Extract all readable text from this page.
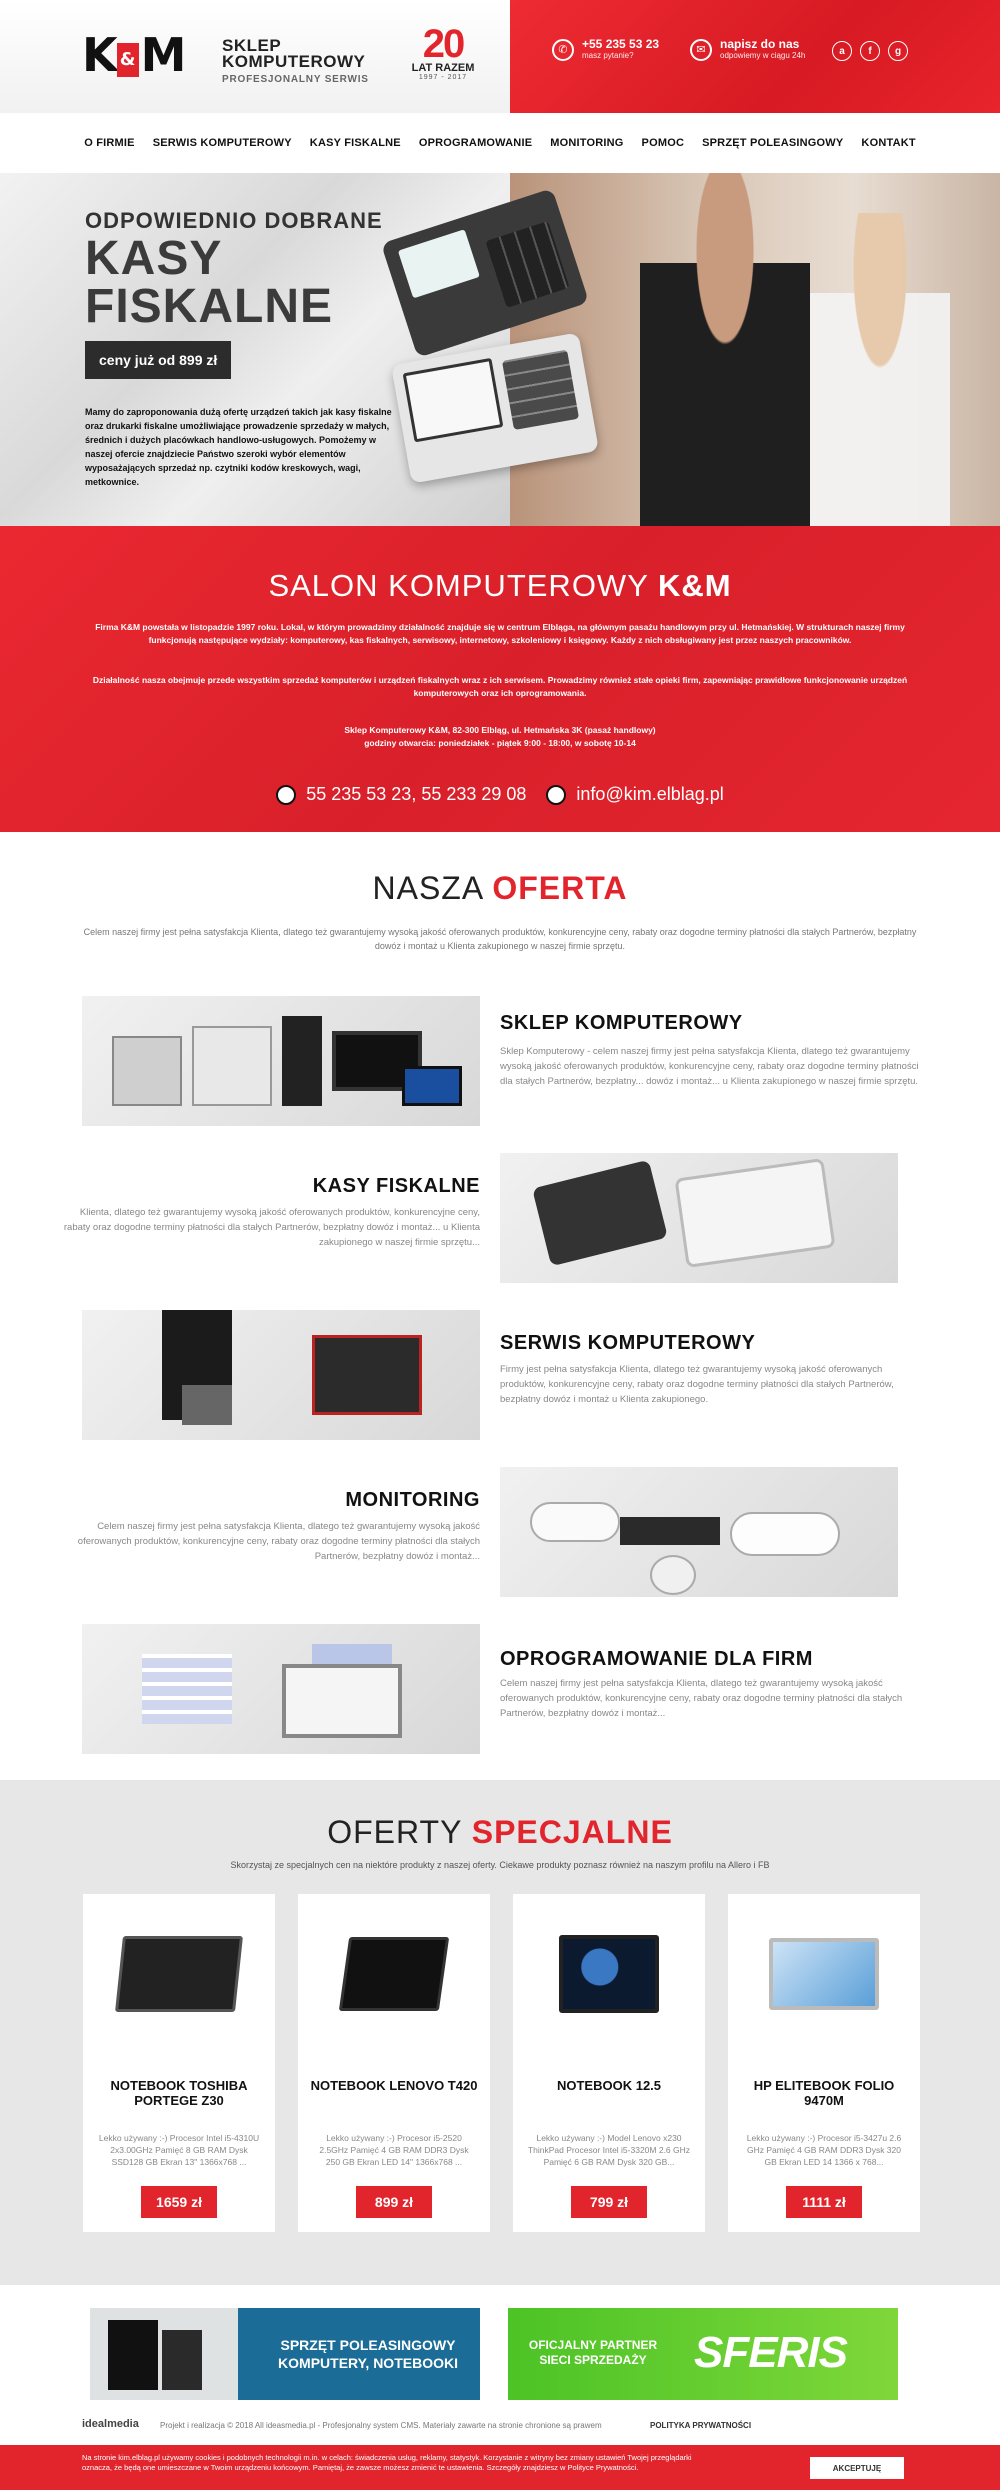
K & M SKLEP
KOMPUTEROWY
PROFESJONALNY SERWIS
20
LAT RAZEM
1997 - 2017
✆	+55 235 53 23
masz pytanie?	✉	napisz do nas
odpowiemy w ciągu 24h	a	f	g
O FIRMIE	SERWIS KOMPUTEROWY	KASY FISKALNE	OPROGRAMOWANIE	MONITORING	POMOC	SPRZĘT POLEASINGOWY	KONTAKT
ODPOWIEDNIO DOBRANE
KASY
FISKALNE
ceny już od 899 zł
Mamy do zaproponowania dużą ofertę urządzeń takich jak kasy fiskalne oraz drukarki fiskalne umożliwiające prowadzenie sprzedaży w małych, średnich i dużych placówkach handlowo-usługowych. Pomożemy w naszej ofercie znajdziecie Państwo szeroki wybór elementów wyposażających sprzedaż np. czytniki kodów kreskowych, wagi, metkownice.
SALON KOMPUTEROWY K&M
Firma K&M powstała w listopadzie 1997 roku. Lokal, w którym prowadzimy działalność znajduje się w centrum Elbląga, na głównym pasażu handlowym przy ul. Hetmańskiej. W strukturach naszej firmy funkcjonują następujące wydziały: komputerowy, kas fiskalnych, serwisowy, internetowy, szkoleniowy i księgowy. Każdy z nich obsługiwany jest przez naszych pracowników.
Działalność nasza obejmuje przede wszystkim sprzedaż komputerów i urządzeń fiskalnych wraz z ich serwisem. Prowadzimy również stałe opieki firm, zapewniając prawidłowe funkcjonowanie urządzeń komputerowych oraz ich oprogramowania.
Sklep Komputerowy K&M, 82-300 Elbląg, ul. Hetmańska 3K (pasaż handlowy)
godziny otwarcia: poniedziałek - piątek 9:00 - 18:00, w sobotę 10-14
55 235 53 23, 55 233 29 08	info@kim.elblag.pl
NASZA OFERTA
Celem naszej firmy jest pełna satysfakcja Klienta, dlatego też gwarantujemy wysoką jakość oferowanych produktów, konkurencyjne ceny, rabaty oraz dogodne terminy płatności dla stałych Partnerów, bezpłatny dowóz i montaż u Klienta zakupionego w naszej firmie sprzętu.
SKLEP KOMPUTEROWY
Sklep Komputerowy - celem naszej firmy jest pełna satysfakcja Klienta, dlatego też gwarantujemy wysoką jakość oferowanych produktów, konkurencyjne ceny, rabaty oraz dogodne terminy płatności dla stałych Partnerów, bezpłatny... dowóz i montaż... u Klienta zakupionego w naszej firmie sprzętu.
KASY FISKALNE
Klienta, dlatego też gwarantujemy wysoką jakość oferowanych produktów, konkurencyjne ceny, rabaty oraz dogodne terminy płatności dla stałych Partnerów, bezpłatny dowóz i montaż... u Klienta zakupionego w naszej firmie sprzętu...
SERWIS KOMPUTEROWY
Firmy jest pełna satysfakcja Klienta, dlatego też gwarantujemy wysoką jakość oferowanych produktów, konkurencyjne ceny, rabaty oraz dogodne terminy płatności dla stałych Partnerów, bezpłatny dowóz i montaż u Klienta zakupionego.
MONITORING
Celem naszej firmy jest pełna satysfakcja Klienta, dlatego też gwarantujemy wysoką jakość oferowanych produktów, konkurencyjne ceny, rabaty oraz dogodne terminy płatności dla stałych Partnerów, bezpłatny dowóz i montaż...
OPROGRAMOWANIE DLA FIRM
Celem naszej firmy jest pełna satysfakcja Klienta, dlatego też gwarantujemy wysoką jakość oferowanych produktów, konkurencyjne ceny, rabaty oraz dogodne terminy płatności dla stałych Partnerów, bezpłatny dowóz i montaż...
OFERTY SPECJALNE
Skorzystaj ze specjalnych cen na niektóre produkty z naszej oferty. Ciekawe produkty poznasz również na naszym profilu na Allero i FB
NOTEBOOK TOSHIBA PORTEGE Z30
Lekko używany :-) Procesor Intel i5-4310U 2x3.00GHz Pamięć 8 GB RAM Dysk SSD128 GB Ekran 13" 1366x768 ...
1659 zł
NOTEBOOK LENOVO T420
Lekko używany :-) Procesor i5-2520 2.5GHz Pamięć 4 GB RAM DDR3 Dysk 250 GB Ekran LED 14" 1366x768 ...
899 zł
NOTEBOOK 12.5
Lekko używany :-) Model Lenovo x230 ThinkPad Procesor Intel i5-3320M 2.6 GHz Pamięć 6 GB RAM Dysk 320 GB...
799 zł
HP ELITEBOOK FOLIO 9470M
Lekko używany :-) Procesor i5-3427u 2.6 GHz Pamięć 4 GB RAM DDR3 Dysk 320 GB Ekran LED 14 1366 x 768...
1111 zł
SPRZĘT POLEASINGOWY KOMPUTERY, NOTEBOOKI
OFICJALNY PARTNER SIECI SPRZEDAŻY SFERIS
idealmedia	Projekt i realizacja © 2018 All ideasmedia.pl - Profesjonalny system CMS. Materiały zawarte na stronie chronione są prawem	POLITYKA PRYWATNOŚCI
Na stronie kim.elblag.pl używamy cookies i podobnych technologii m.in. w celach: świadczenia usług, reklamy, statystyk. Korzystanie z witryny bez zmiany ustawień Twojej przeglądarki oznacza, że będą one umieszczane w Twoim urządzeniu końcowym. Pamiętaj, że zawsze możesz zmienić te ustawienia. Szczegóły znajdziesz w Polityce Prywatności.	AKCEPTUJĘ
